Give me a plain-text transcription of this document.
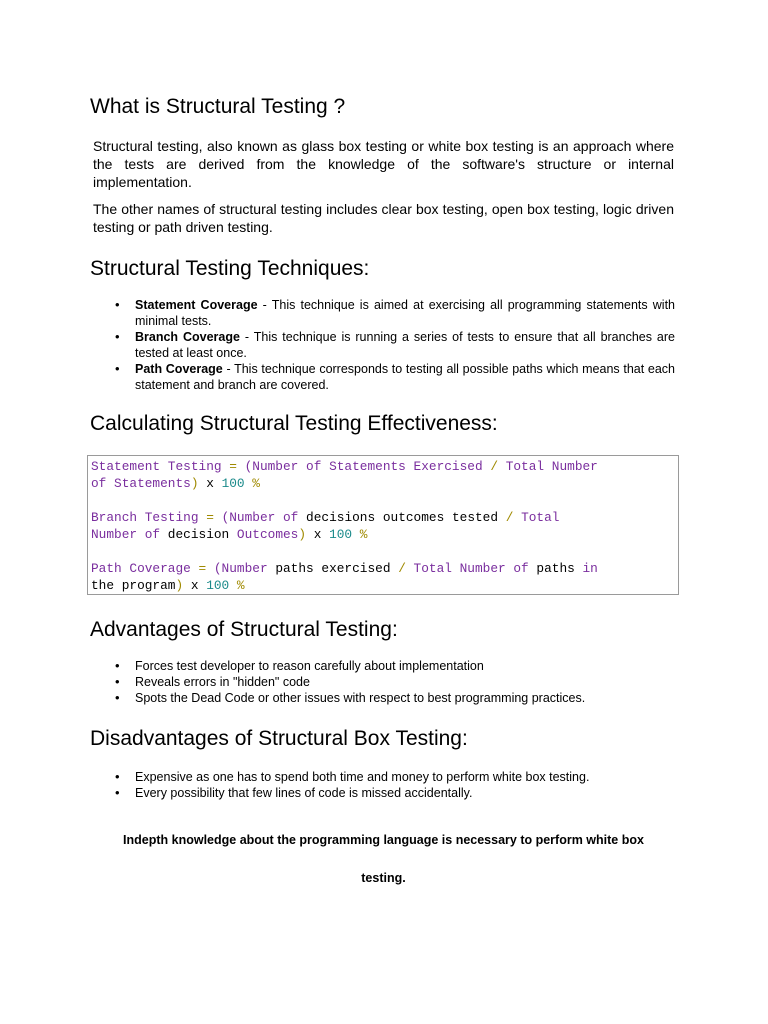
What is Structural Testing ?

Structural testing, also known as glass box testing or white box testing is an approach where the tests are derived from the knowledge of the software's structure or internal implementation.

The other names of structural testing includes clear box testing, open box testing, logic driven testing or path driven testing.

Structural Testing Techniques:
• Statement Coverage - This technique is aimed at exercising all programming statements with minimal tests.
• Branch Coverage - This technique is running a series of tests to ensure that all branches are tested at least once.
• Path Coverage - This technique corresponds to testing all possible paths which means that each statement and branch are covered.
Calculating Structural Testing Effectiveness:
Statement Testing = (Number of Statements Exercised / Total Number
of Statements) x 100 %

Branch Testing = (Number of decisions outcomes tested / Total
Number of decision Outcomes) x 100 %

Path Coverage = (Number paths exercised / Total Number of paths in
the program) x 100 %
Advantages of Structural Testing:
• Forces test developer to reason carefully about implementation
• Reveals errors in "hidden" code
• Spots the Dead Code or other issues with respect to best programming practices.
Disadvantages of Structural Box Testing:
• Expensive as one has to spend both time and money to perform white box testing.
• Every possibility that few lines of code is missed accidentally.

Indepth knowledge about the programming language is necessary to perform white box

testing.
